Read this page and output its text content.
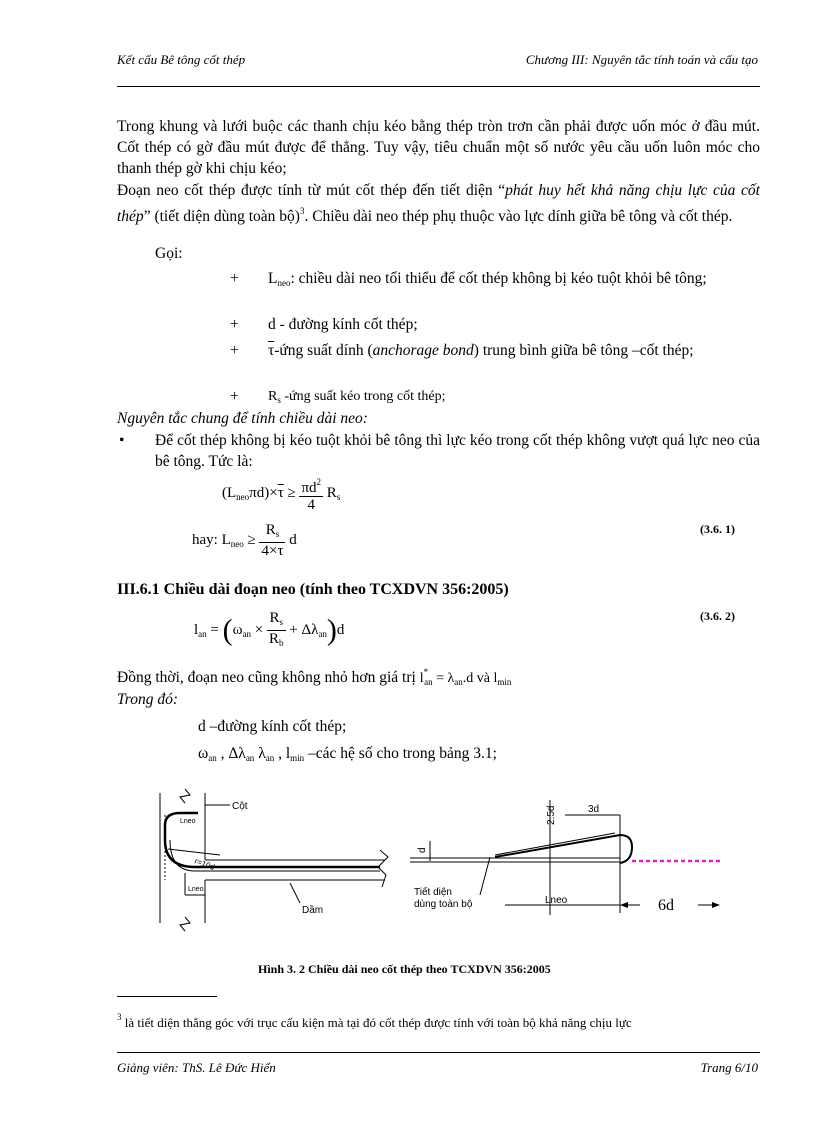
Kết cấu Bê tông cốt thép	Chương III: Nguyên tắc tính toán và cấu tạo
Trong khung và lưới buộc các thanh chịu kéo bằng thép tròn trơn cần phải được uốn móc ở đầu mút. Cốt thép có gờ đầu mút được để thẳng. Tuy vậy, tiêu chuẩn một số nước yêu cầu uốn luôn móc cho thanh thép gờ khi chịu kéo;
Đoạn neo cốt thép được tính từ mút cốt thép đến tiết diện “phát huy hết khả năng chịu lực của cốt thép” (tiết diện dùng toàn bộ)$^3$. Chiều dài neo thép phụ thuộc vào lực dính giữa bê tông và cốt thép.
Gọi:
+ $L_{neo}$: chiều dài neo tối thiểu để cốt thép không bị kéo tuột khỏi bê tông;
+ d - đường kính cốt thép;
+ $\overline{\tau}$-ứng suất dính (anchorage bond) trung bình giữa bê tông –cốt thép;
+ $R_s$ -ứng suất kéo trong cốt thép;
Nguyên tắc chung để tính chiều dài neo:
• Để cốt thép không bị kéo tuột khỏi bê tông thì lực kéo trong cốt thép không vượt quá lực neo của bê tông. Tức là:
$(L_{neo}\pi d)\times\overline{\tau} \ge \frac{\pi d^2}{4} R_s$
hay: $L_{neo} \ge \frac{R_s}{4\times\overline{\tau}}$ d
(3.6. 1)
III.6.1 Chiều dài đoạn neo (tính theo TCXDVN 356:2005)
$l_{an} = (\omega_{an} \times \frac{R_s}{R_b} + \Delta\lambda_{an})d$
(3.6. 2)
Đồng thời, đoạn neo cũng không nhỏ hơn giá trị $l^*_{an} = \lambda_{an}.d$ và $l_{min}$
Trong đó:
d –đường kính cốt thép;
$\omega_{an}$ , $\Delta\lambda_{an}$ $\lambda_{an}$ , $l_{min}$ –các hệ số cho trong bảng 3.1;
Cột
Lneo
r=10d
Lneo
Dầm
d
2.5d	3d
Tiết diện
dùng toàn bộ	Lneo	6d
Hình 3. 2 Chiều dài neo cốt thép theo TCXDVN 356:2005
$^3$ là tiết diện thẳng góc với trục cấu kiện mà tại đó cốt thép được tính với toàn bộ khả năng chịu lực
Giảng viên: ThS. Lê Đức Hiển	Trang 6/10
